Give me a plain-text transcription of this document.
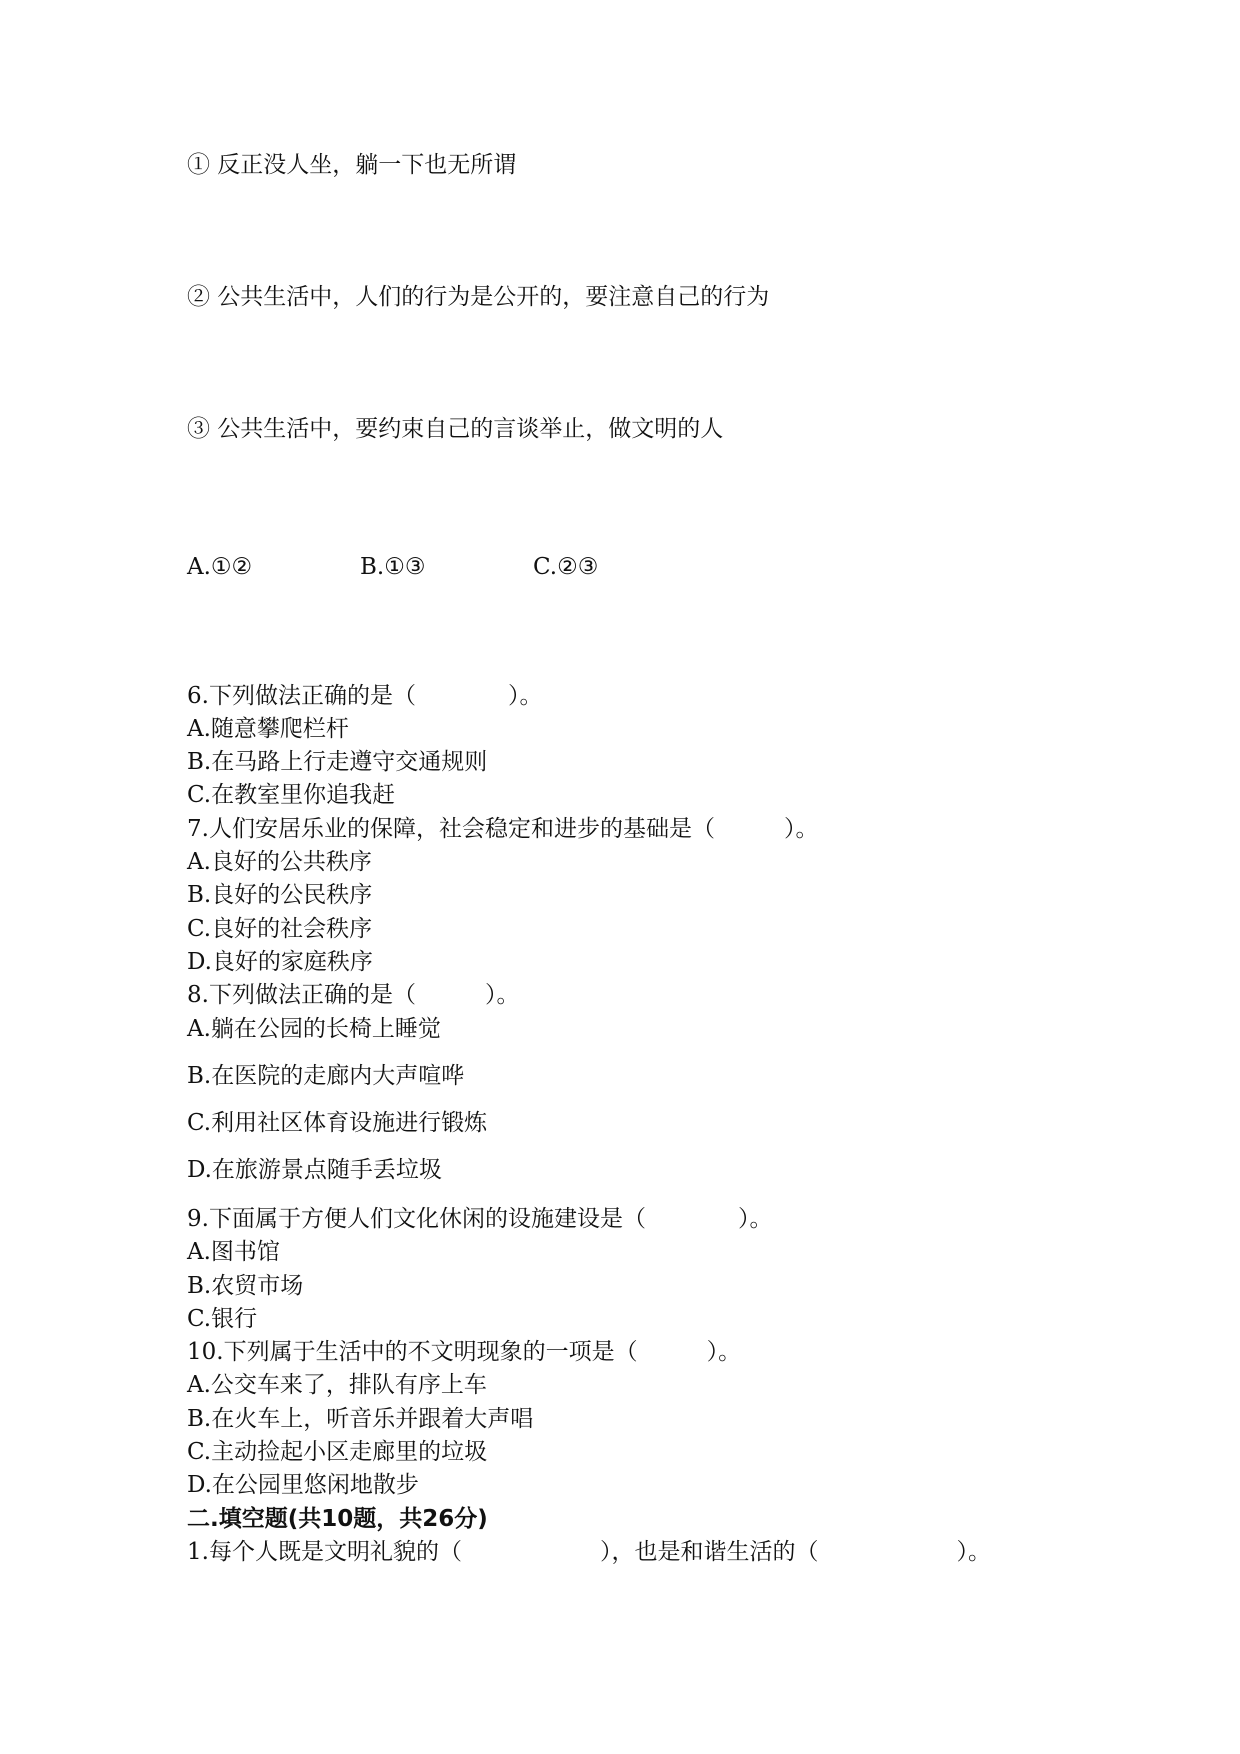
① 反正没人坐，躺一下也无所谓
② 公共生活中，人们的行为是公开的，要注意自己的行为
③ 公共生活中，要约束自己的言谈举止，做文明的人
A.①②	B.①③	C.②③
6.下列做法正确的是（　　　　）。
A.随意攀爬栏杆
B.在马路上行走遵守交通规则
C.在教室里你追我赶
7.人们安居乐业的保障，社会稳定和进步的基础是（　　　）。
A.良好的公共秩序
B.良好的公民秩序
C.良好的社会秩序
D.良好的家庭秩序
8.下列做法正确的是（　　　）。
A.躺在公园的长椅上睡觉
B.在医院的走廊内大声喧哗
C.利用社区体育设施进行锻炼
D.在旅游景点随手丢垃圾
9.下面属于方便人们文化休闲的设施建设是（　　　　）。
A.图书馆
B.农贸市场
C.银行
10.下列属于生活中的不文明现象的一项是（　　　）。
A.公交车来了，排队有序上车
B.在火车上，听音乐并跟着大声唱
C.主动捡起小区走廊里的垃圾
D.在公园里悠闲地散步
二.填空题(共10题，共26分)
1.每个人既是文明礼貌的（　　　　　　），也是和谐生活的（　　　　　　）。
